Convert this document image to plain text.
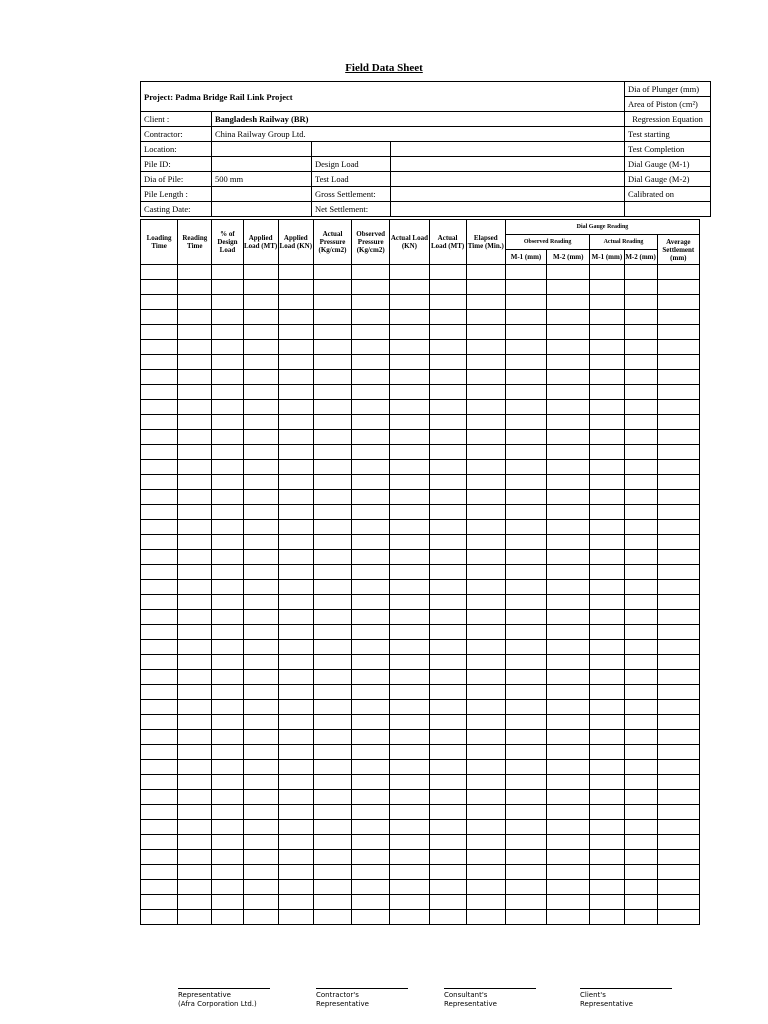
Field Data Sheet
Project: Padma Bridge Rail Link Project				Dia of Plunger (mm)	
				Area of Piston (cm²)	
Client :	Bangladesh Railway (BR)			Regression Equation	
Contractor:	China Railway Group Ltd.			Test starting	
Location:				Test Completion	
Pile ID:		Design Load		Dial Gauge (M-1)	
Dia of Pile:	500 mm	Test Load		Dial Gauge (M-2)	
Pile Length :		Gross Settlement:		Calibrated on	
Casting Date:		Net Settlement:			
Loading Time	Reading Time	% of Design Load	Applied Load (MT)	Applied Load (KN)	Actual Pressure (Kg/cm2)	Observed Pressure (Kg/cm2)	Actual Load (KN)	Actual Load (MT)	Elapsed Time (Min.)	Dial Gauge Reading				
										Observed Reading		Actual Reading		Average Settlement (mm)
										M-1 (mm)	M-2 (mm)	M-1 (mm)	M-2 (mm)	

Representative
(Afra Corporation Ltd.)
Contractor's
Representative
Consultant's
Representative
Client's
Representative
